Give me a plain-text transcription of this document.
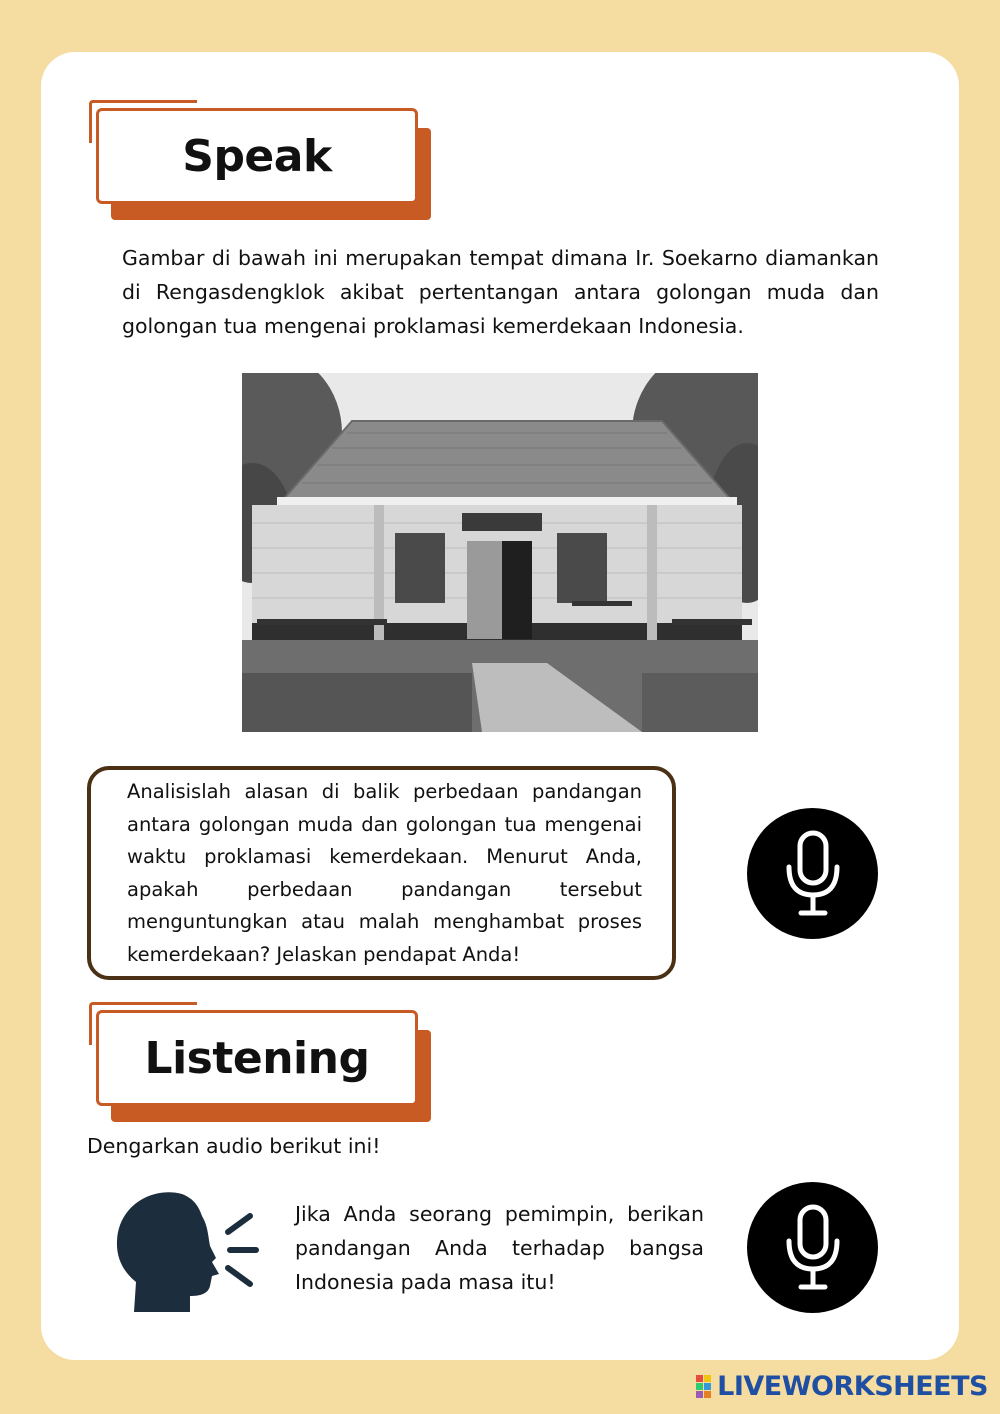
Speak

Gambar di bawah ini merupakan tempat dimana Ir. Soekarno diamankan di Rengasdengklok akibat pertentangan antara golongan muda dan golongan tua mengenai proklamasi kemerdekaan Indonesia.

Analisislah alasan di balik perbedaan pandangan antara golongan muda dan golongan tua mengenai waktu proklamasi kemerdekaan. Menurut Anda, apakah perbedaan pandangan tersebut menguntungkan atau malah menghambat proses kemerdekaan? Jelaskan pendapat Anda!

Listening

Dengarkan audio berikut ini!

Jika Anda seorang pemimpin, berikan pandangan Anda terhadap bangsa Indonesia pada masa itu!

LIVEWORKSHEETS
